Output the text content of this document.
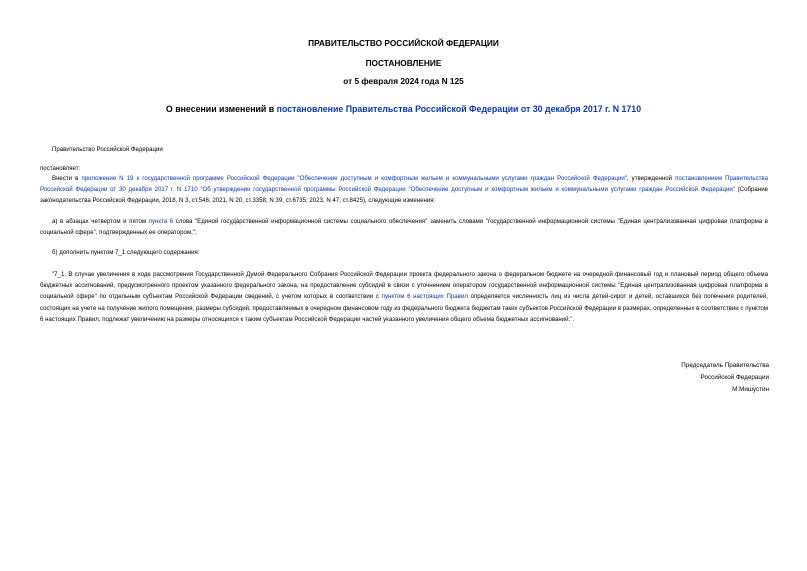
ПРАВИТЕЛЬСТВО РОССИЙСКОЙ ФЕДЕРАЦИИ
ПОСТАНОВЛЕНИЕ
от 5 февраля 2024 года N 125
О внесении изменений в постановление Правительства Российской Федерации от 30 декабря 2017 г. N 1710
Правительство Российской Федерации
постановляет:
Внести в приложение N 19 к государственной программе Российской Федерации "Обеспечение доступным и комфортным жильем и коммунальными услугами граждан Российской Федерации", утвержденной постановлением Правительства Российской Федерации от 30 декабря 2017 г. N 1710 "Об утверждении государственной программы Российской Федерации "Обеспечение доступным и комфортным жильем и коммунальными услугами граждан Российской Федерации" (Собрание законодательства Российской Федерации, 2018, N 3, ст.546; 2021, N 20, ст.3358; N 39, ст.6735; 2023, N 47, ст.8425), следующие изменения:
а) в абзацах четвертом и пятом пункта 6 слова "Единой государственной информационной системы социального обеспечения" заменить словами "государственной информационной системы "Единая централизованная цифровая платформа в социальной сфере", подтвержденных ее оператором,";
б) дополнить пунктом 7_1 следующего содержания:
"7_1. В случае увеличения в ходе рассмотрения Государственной Думой Федерального Собрания Российской Федерации проекта федерального закона о федеральном бюджете на очередной финансовый год и плановый период общего объема бюджетных ассигнований, предусмотренного проектом указанного федерального закона, на предоставление субсидий в связи с уточнением оператором государственной информационной системы "Единая централизованная цифровая платформа в социальной сфере" по отдельным субъектам Российской Федерации сведений, с учетом которых в соответствии с пунктом 6 настоящих Правил определяется численность лиц из числа детей-сирот и детей, оставшихся без попечения родителей, состоящих на учете на получение жилого помещения, размеры субсидий, предоставляемых в очередном финансовом году из федерального бюджета бюджетам таких субъектов Российской Федерации в размерах, определенных в соответствии с пунктом 6 настоящих Правил, подлежат увеличению на размеры относящихся к таким субъектам Российской Федерации частей указанного увеличения общего объема бюджетных ассигнований.".
Председатель Правительства
Российской Федерации
М.Мишустин
